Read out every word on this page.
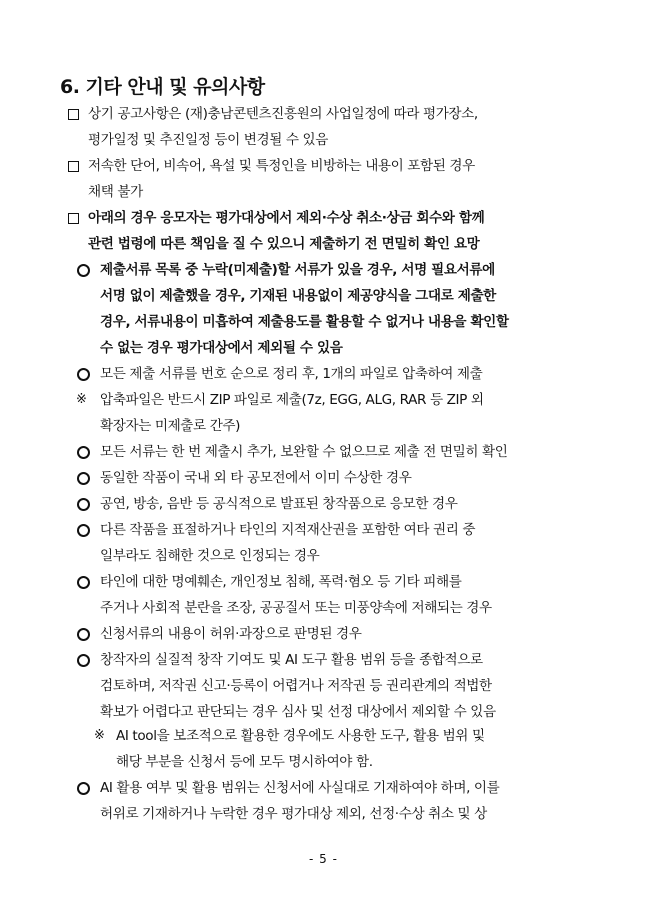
6. 기타 안내 및 유의사항
상기 공고사항은 (재)충남콘텐츠진흥원의 사업일정에 따라 평가장소,
평가일정 및 추진일정 등이 변경될 수 있음
저속한 단어, 비속어, 욕설 및 특정인을 비방하는 내용이 포함된 경우
채택 불가
아래의 경우 응모자는 평가대상에서 제외·수상 취소·상금 회수와 함께
관련 법령에 따른 책임을 질 수 있으니 제출하기 전 면밀히 확인 요망
제출서류 목록 중 누락(미제출)할 서류가 있을 경우, 서명 필요서류에
서명 없이 제출했을 경우, 기재된 내용없이 제공양식을 그대로 제출한
경우, 서류내용이 미흡하여 제출용도를 활용할 수 없거나 내용을 확인할
수 없는 경우 평가대상에서 제외될 수 있음
모든 제출 서류를 번호 순으로 정리 후, 1개의 파일로 압축하여 제출
※ 압축파일은 반드시 ZIP 파일로 제출(7z, EGG, ALG, RAR 등 ZIP 외
확장자는 미제출로 간주)
모든 서류는 한 번 제출시 추가, 보완할 수 없으므로 제출 전 면밀히 확인
동일한 작품이 국내 외 타 공모전에서 이미 수상한 경우
공연, 방송, 음반 등 공식적으로 발표된 창작품으로 응모한 경우
다른 작품을 표절하거나 타인의 지적재산권을 포함한 여타 권리 중
일부라도 침해한 것으로 인정되는 경우
타인에 대한 명예훼손, 개인정보 침해, 폭력·혐오 등 기타 피해를
주거나 사회적 분란을 조장, 공공질서 또는 미풍양속에 저해되는 경우
신청서류의 내용이 허위·과장으로 판명된 경우
창작자의 실질적 창작 기여도 및 AI 도구 활용 범위 등을 종합적으로
검토하며, 저작권 신고·등록이 어렵거나 저작권 등 권리관계의 적법한
확보가 어렵다고 판단되는 경우 심사 및 선정 대상에서 제외할 수 있음
※ AI tool을 보조적으로 활용한 경우에도 사용한 도구, 활용 범위 및
해당 부분을 신청서 등에 모두 명시하여야 함.
AI 활용 여부 및 활용 범위는 신청서에 사실대로 기재하여야 하며, 이를
허위로 기재하거나 누락한 경우 평가대상 제외, 선정·수상 취소 및 상
- 5 -
